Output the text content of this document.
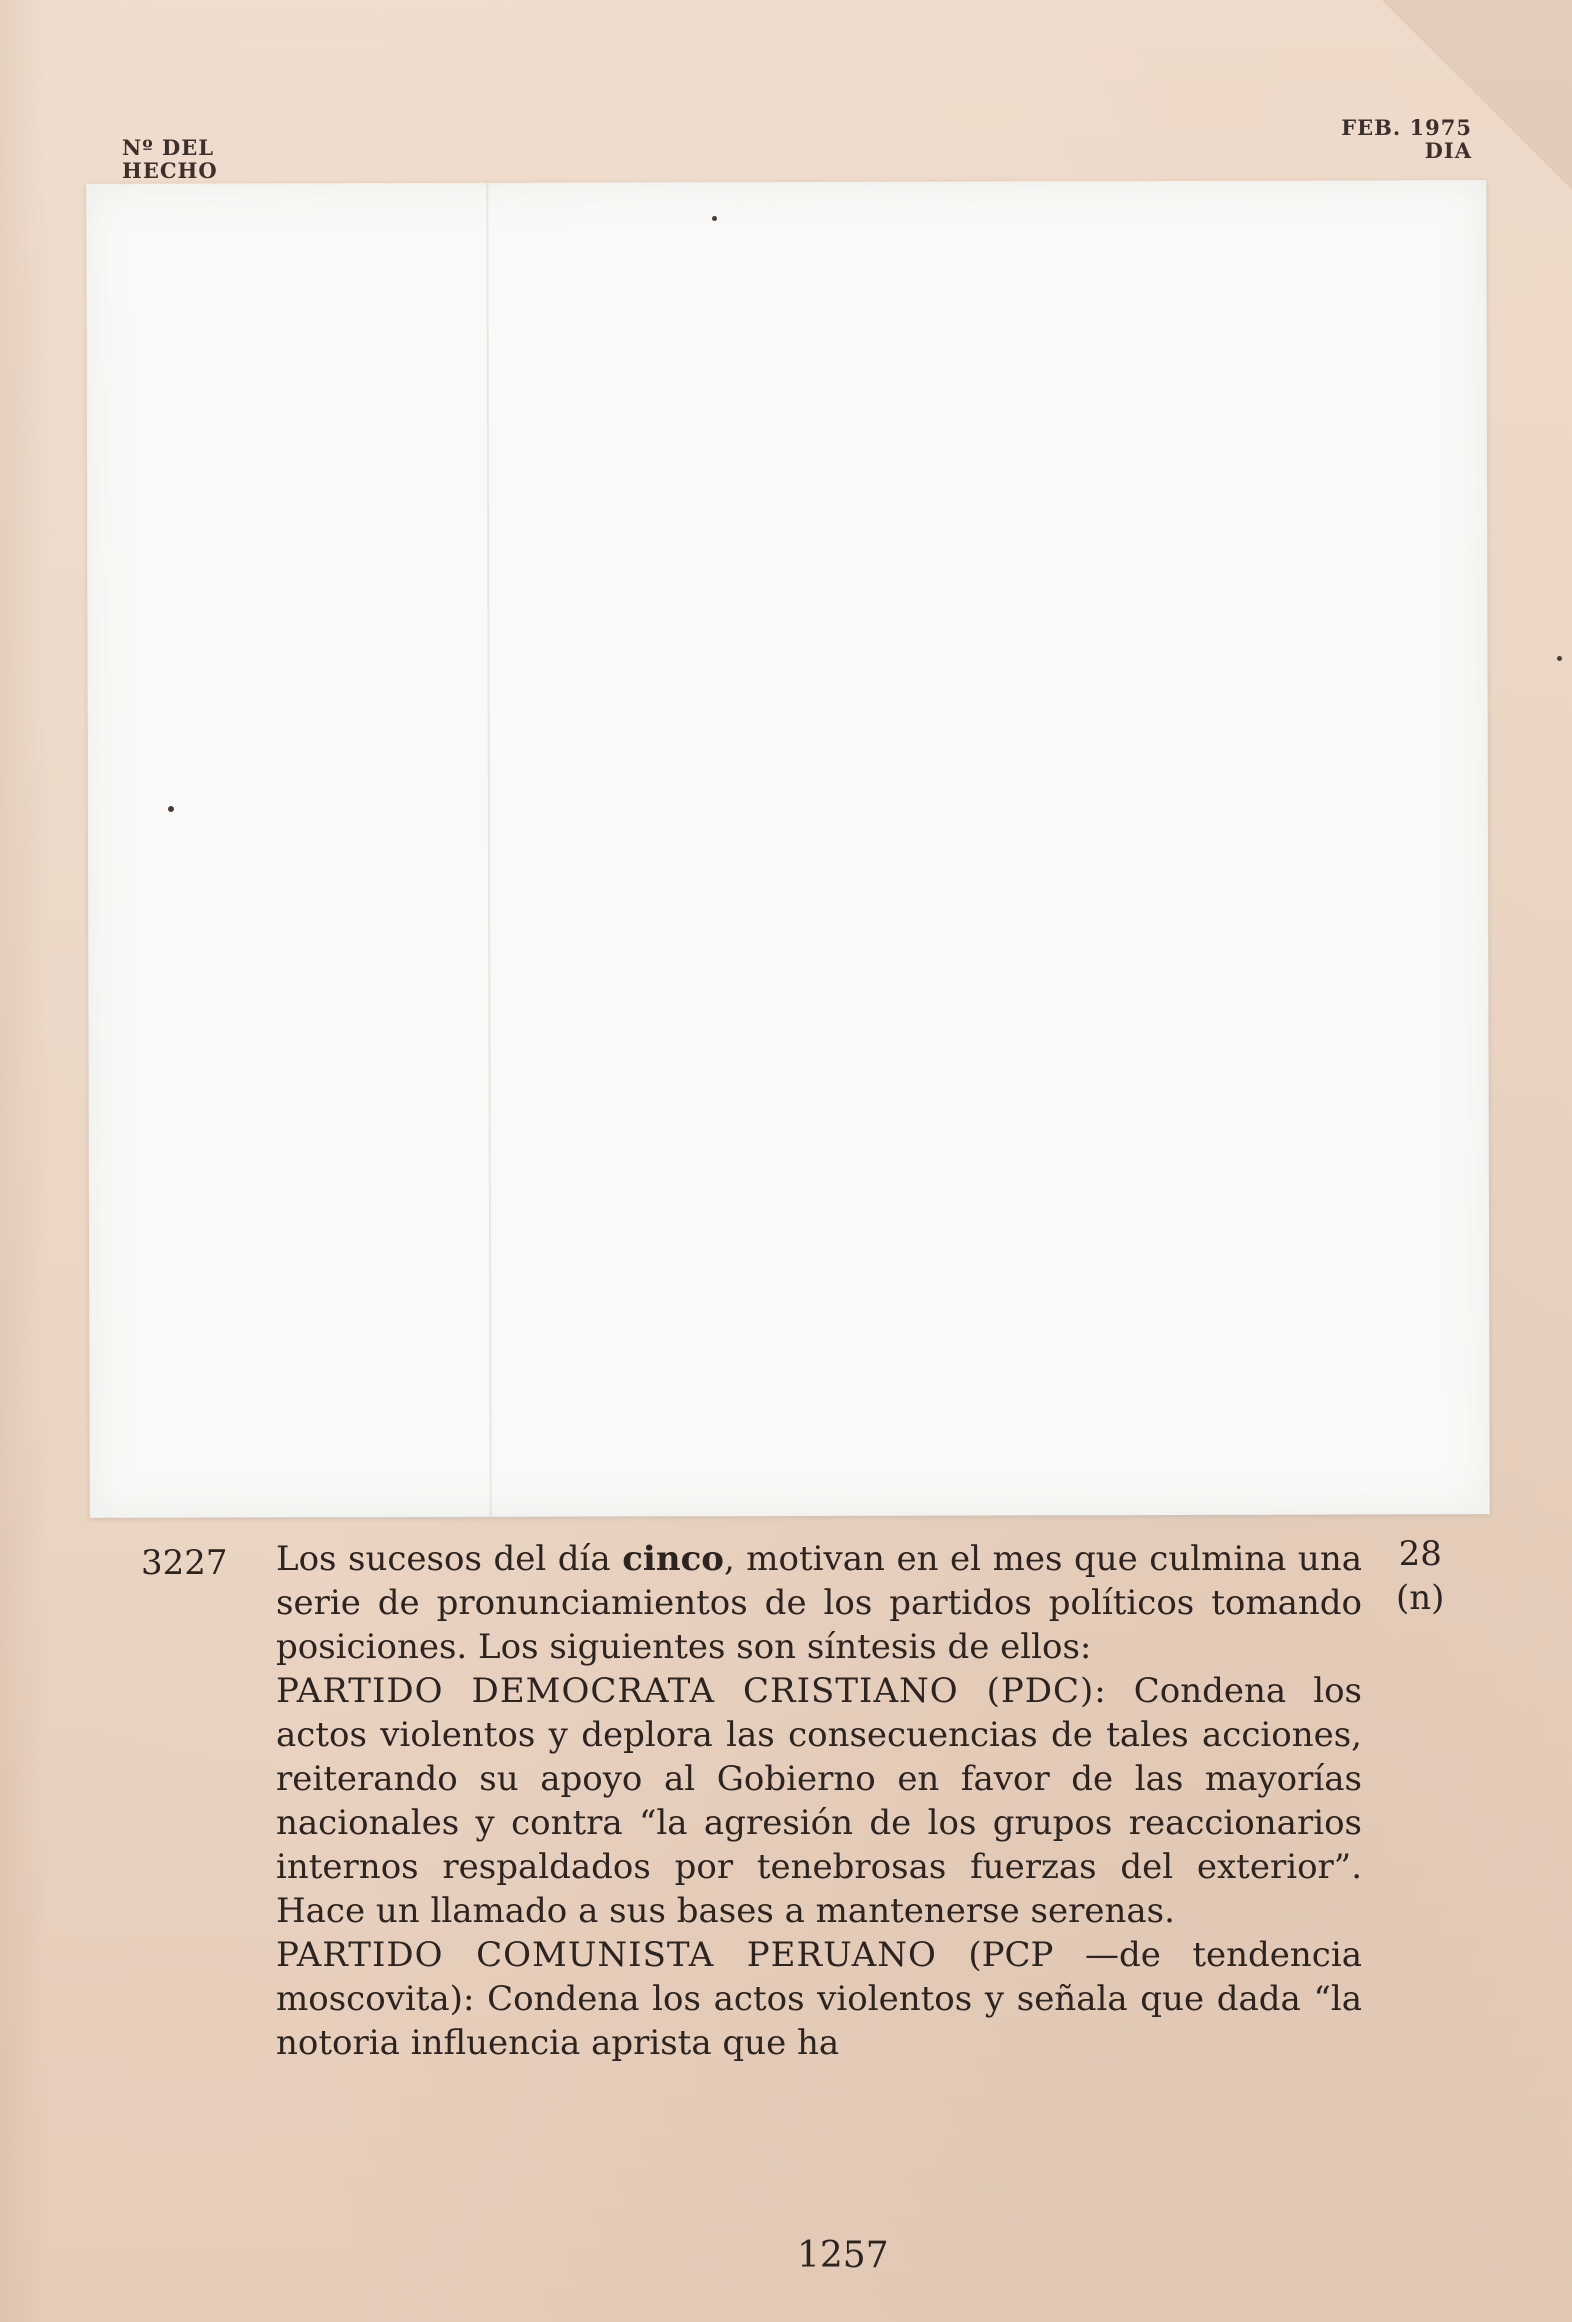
Nº DEL
HECHO
FEB. 1975
DIA
3227	28
(n)

Los sucesos del día cinco, motivan en el mes que culmina una serie de pronunciamientos de los partidos políticos tomando posiciones. Los siguientes son síntesis de ellos:

PARTIDO DEMOCRATA CRISTIANO (PDC): Condena los actos violentos y deplora las consecuencias de tales acciones, reiterando su apoyo al Gobierno en favor de las mayorías nacionales y contra “la agresión de los grupos reaccionarios internos respaldados por tenebrosas fuerzas del exterior”. Hace un llamado a sus bases a mantenerse serenas.

PARTIDO COMUNISTA PERUANO (PCP —de tendencia moscovita): Condena los actos violentos y señala que dada “la notoria influencia aprista que ha

1257
